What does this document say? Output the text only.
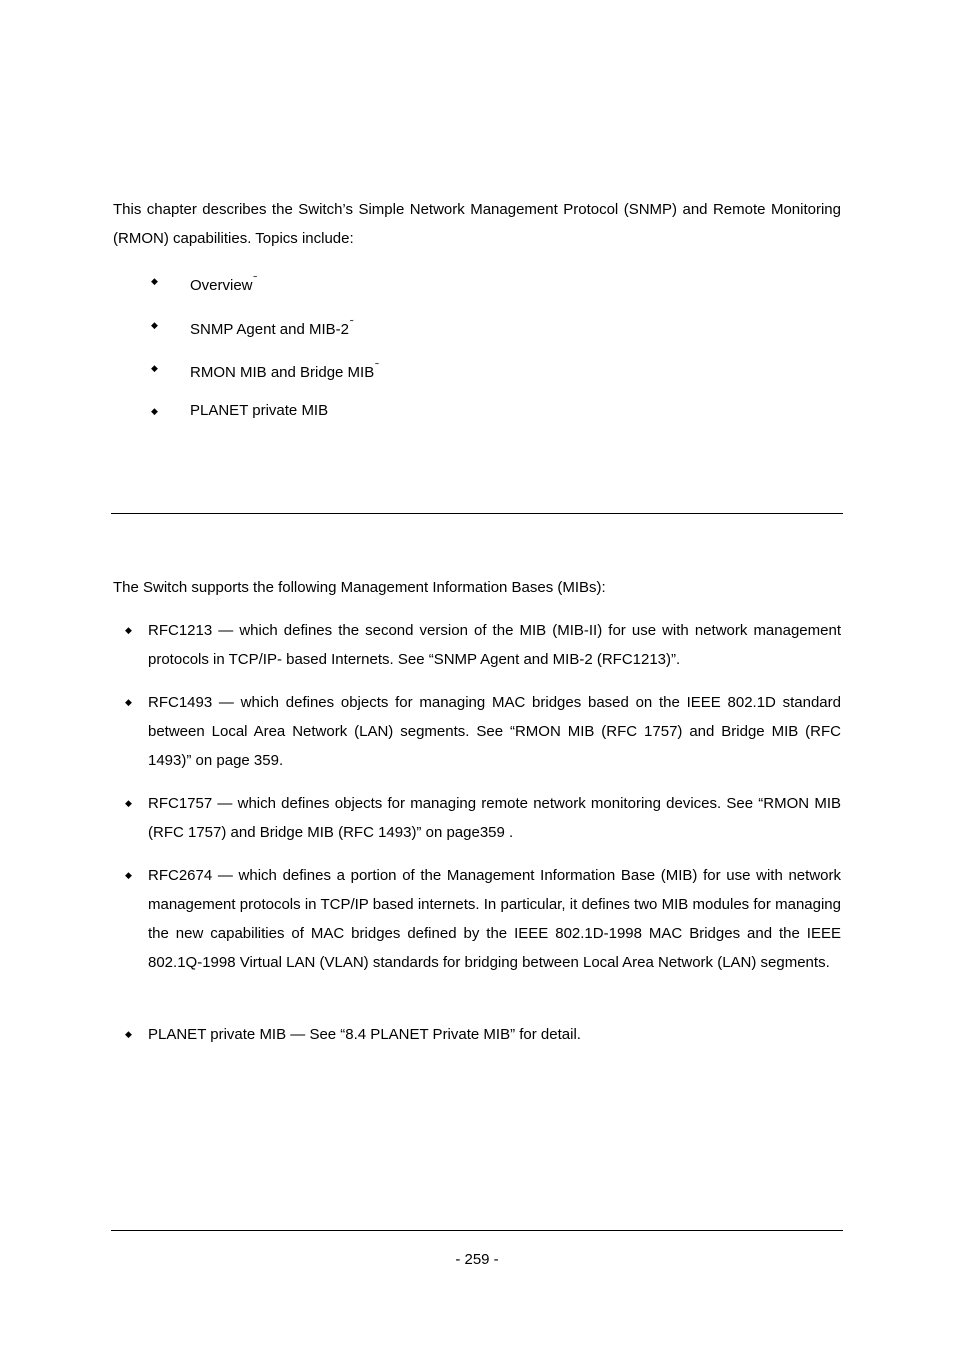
This chapter describes the Switch’s Simple Network Management Protocol (SNMP) and Remote Monitoring (RMON) capabilities. Topics include:

◆ Overview˜
◆ SNMP Agent and MIB-2˜
◆ RMON MIB and Bridge MIB˜
◆ PLANET private MIB

The Switch supports the following Management Information Bases (MIBs):

◆ RFC1213 — which defines the second version of the MIB (MIB-II) for use with network management protocols in TCP/IP- based Internets. See “SNMP Agent and MIB-2 (RFC1213)”.
◆ RFC1493 — which defines objects for managing MAC bridges based on the IEEE 802.1D standard between Local Area Network (LAN) segments. See “RMON MIB (RFC 1757) and Bridge MIB (RFC 1493)” on page 359.
◆ RFC1757 — which defines objects for managing remote network monitoring devices. See “RMON MIB (RFC 1757) and Bridge MIB (RFC 1493)” on page359 .
◆ RFC2674 — which defines a portion of the Management Information Base (MIB) for use with network management protocols in TCP/IP based internets. In particular, it defines two MIB modules for managing the new capabilities of MAC bridges defined by the IEEE 802.1D-1998 MAC Bridges and the IEEE 802.1Q-1998 Virtual LAN (VLAN) standards for bridging between Local Area Network (LAN) segments.
◆ PLANET private MIB — See “8.4 PLANET Private MIB” for detail.
- 259 -
